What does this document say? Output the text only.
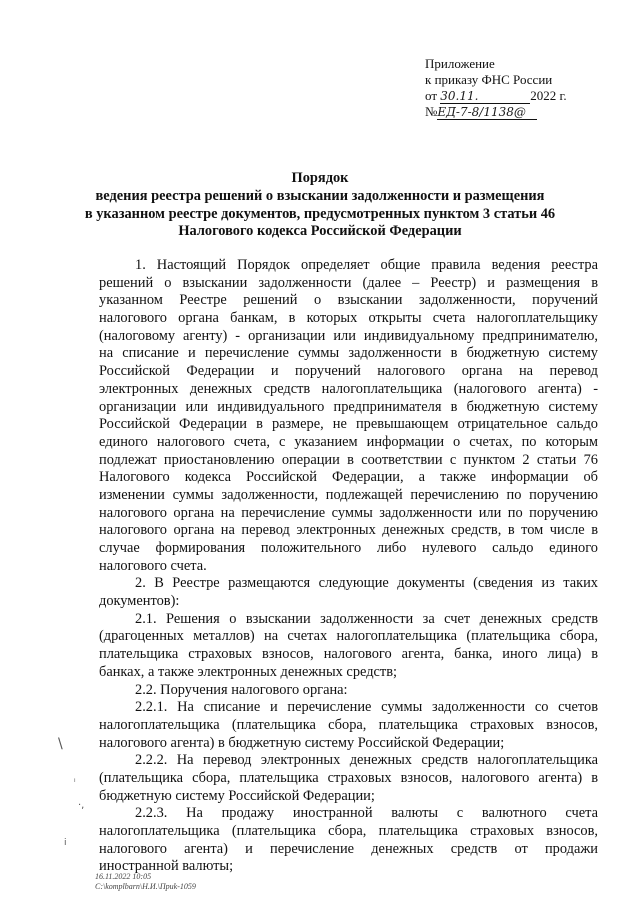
Приложение
к приказу ФНС России
от 30.11.	2022 г.
№ЕД-7-8/1138@
Порядок
ведения реестра решений о взыскании задолженности и размещения
в указанном реестре документов, предусмотренных пунктом 3 статьи 46
Налогового кодекса Российской Федерации
1. Настоящий Порядок определяет общие правила ведения реестра
решений о взыскании задолженности (далее – Реестр) и размещения в
указанном Реестре решений о взыскании задолженности, поручений
налогового органа банкам, в которых открыты счета налогоплательщику
(налоговому агенту) - организации или индивидуальному предпринимателю,
на списание и перечисление суммы задолженности в бюджетную систему
Российской Федерации и поручений налогового органа на перевод
электронных денежных средств налогоплательщика (налогового агента) -
организации или индивидуального предпринимателя в бюджетную систему
Российской Федерации в размере, не превышающем отрицательное сальдо
единого налогового счета, с указанием информации о счетах, по которым
подлежат приостановлению операции в соответствии с пунктом 2 статьи 76
Налогового кодекса Российской Федерации, а также информации об
изменении суммы задолженности, подлежащей перечислению по поручению
налогового органа на перечисление суммы задолженности или по поручению
налогового органа на перевод электронных денежных средств, в том числе в
случае формирования положительного либо нулевого сальдо единого
налогового счета.
2. В Реестре размещаются следующие документы (сведения из таких
документов):
2.1. Решения о взыскании задолженности за счет денежных средств
(драгоценных металлов) на счетах налогоплательщика (плательщика сбора,
плательщика страховых взносов, налогового агента, банка, иного лица) в
банках, а также электронных денежных средств;
2.2. Поручения налогового органа:
2.2.1. На списание и перечисление суммы задолженности со счетов
налогоплательщика (плательщика сбора, плательщика страховых взносов,
налогового агента) в бюджетную систему Российской Федерации;
2.2.2. На перевод электронных денежных средств налогоплательщика
(плательщика сбора, плательщика страховых взносов, налогового агента) в
бюджетную систему Российской Федерации;
2.2.3. На продажу иностранной валюты с валютного счета
налогоплательщика (плательщика сбора, плательщика страховых взносов,
налогового агента) и перечисление денежных средств от продажи
иностранной валюты;
16.11.2022 10:05
C:\komplbarn\Н.И.\Приk-1059
\
ⁱ
·,
ⅰ
